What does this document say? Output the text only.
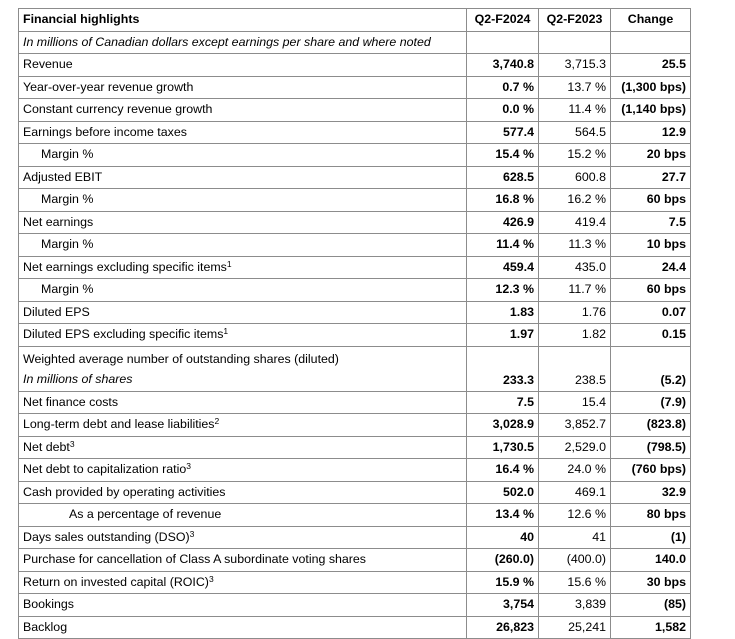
Financial highlights	Q2-F2024	Q2-F2023	Change
In millions of Canadian dollars except earnings per share and where noted			
Revenue	3,740.8	3,715.3	25.5
Year-over-year revenue growth	0.7 %	13.7 %	(1,300 bps)
Constant currency revenue growth	0.0 %	11.4 %	(1,140 bps)
Earnings before income taxes	577.4	564.5	12.9
Margin %	15.4 %	15.2 %	20 bps
Adjusted EBIT	628.5	600.8	27.7
Margin %	16.8 %	16.2 %	60 bps
Net earnings	426.9	419.4	7.5
Margin %	11.4 %	11.3 %	10 bps
Net earnings excluding specific items$^1$	459.4	435.0	24.4
Margin %	12.3 %	11.7 %	60 bps
Diluted EPS	1.83	1.76	0.07
Diluted EPS excluding specific items$^1$	1.97	1.82	0.15

Weighted average number of outstanding shares (diluted)
In millions of shares	233.3	238.5	(5.2)
Net finance costs	7.5	15.4	(7.9)
Long-term debt and lease liabilities$^2$	3,028.9	3,852.7	(823.8)
Net debt$^3$	1,730.5	2,529.0	(798.5)
Net debt to capitalization ratio$^3$	16.4 %	24.0 %	(760 bps)
Cash provided by operating activities	502.0	469.1	32.9
As a percentage of revenue	13.4 %	12.6 %	80 bps
Days sales outstanding (DSO)$^3$	40	41	(1)
Purchase for cancellation of Class A subordinate voting shares	(260.0)	(400.0)	140.0
Return on invested capital (ROIC)$^3$	15.9 %	15.6 %	30 bps
Bookings	3,754	3,839	(85)
Backlog	26,823	25,241	1,582
